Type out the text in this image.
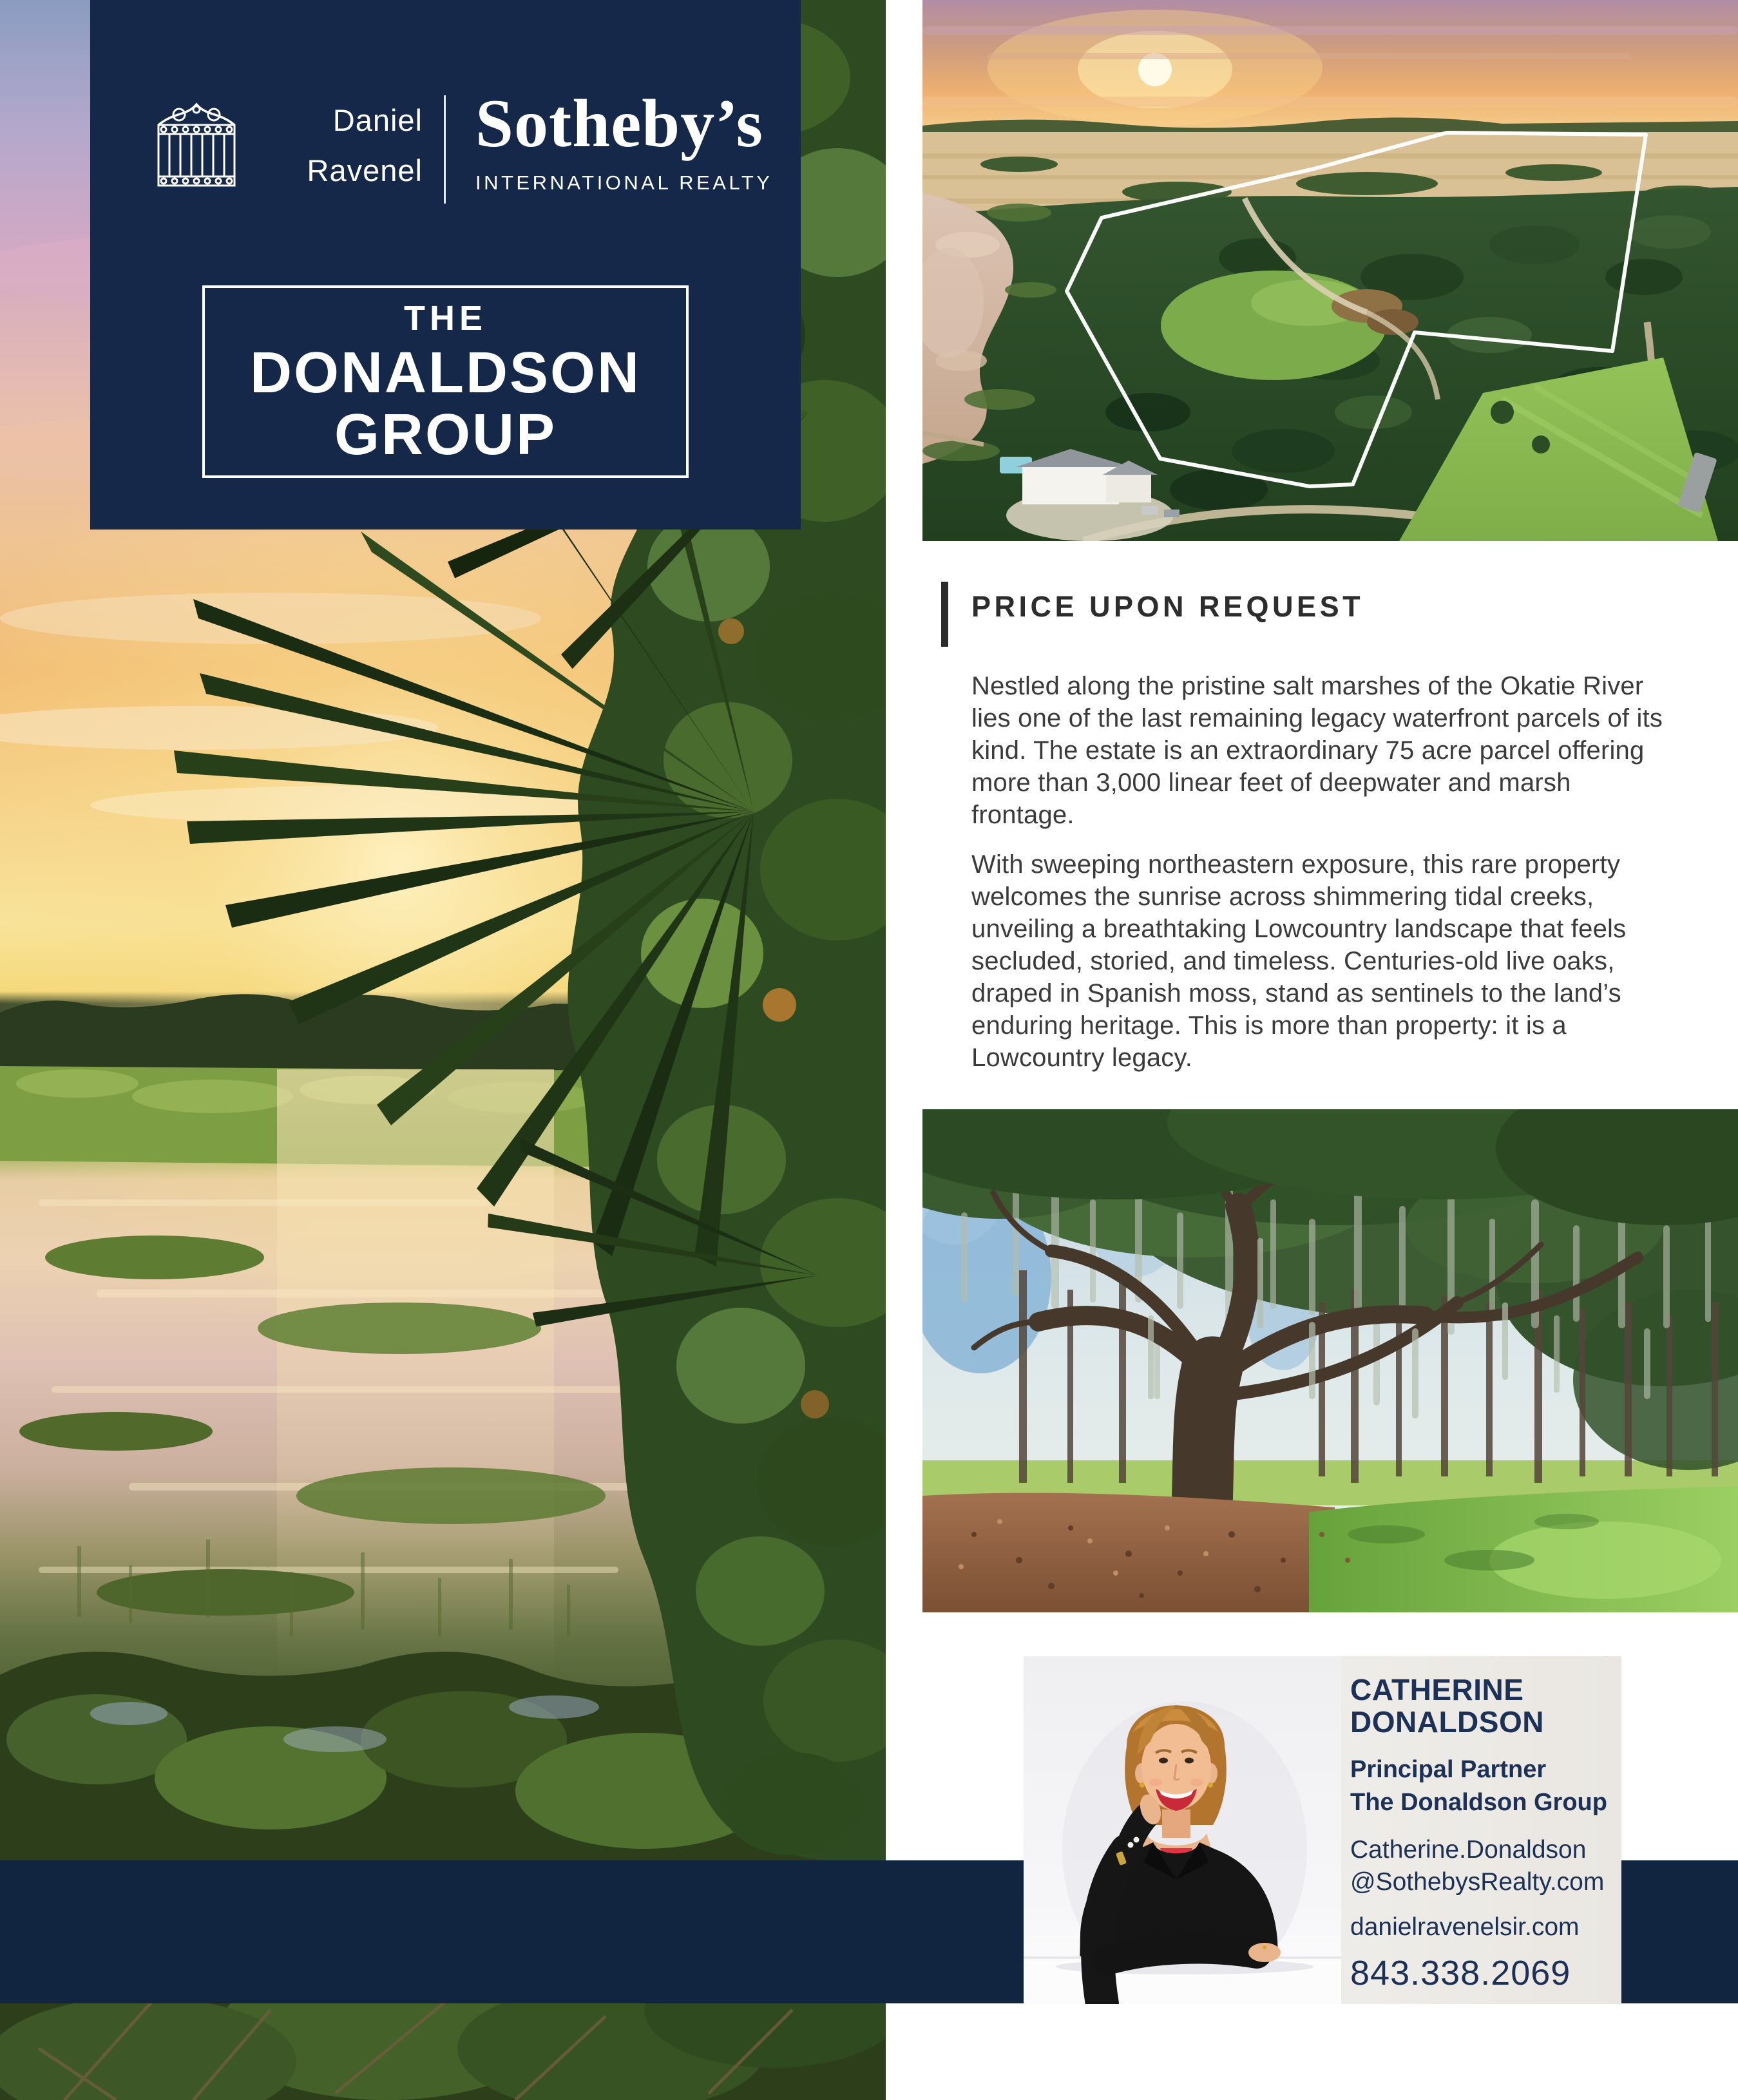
Daniel
Ravenel
Sotheby’s
INTERNATIONAL REALTY
THE
DONALDSON
GROUP
PRICE UPON REQUEST

Nestled along the pristine salt marshes of the Okatie River lies one of the last remaining legacy waterfront parcels of its kind. The estate is an extraordinary 75 acre parcel offering more than 3,000 linear feet of deepwater and marsh frontage.

With sweeping northeastern exposure, this rare property welcomes the sunrise across shimmering tidal creeks, unveiling a breathtaking Lowcountry landscape that feels secluded, storied, and timeless. Centuries-old live oaks, draped in Spanish moss, stand as sentinels to the land’s enduring heritage. This is more than property: it is a Lowcountry legacy.

CATHERINE
DONALDSON
Principal Partner
The Donaldson Group
Catherine.Donaldson
@SothebysRealty.com
danielravenelsir.com
843.338.2069
